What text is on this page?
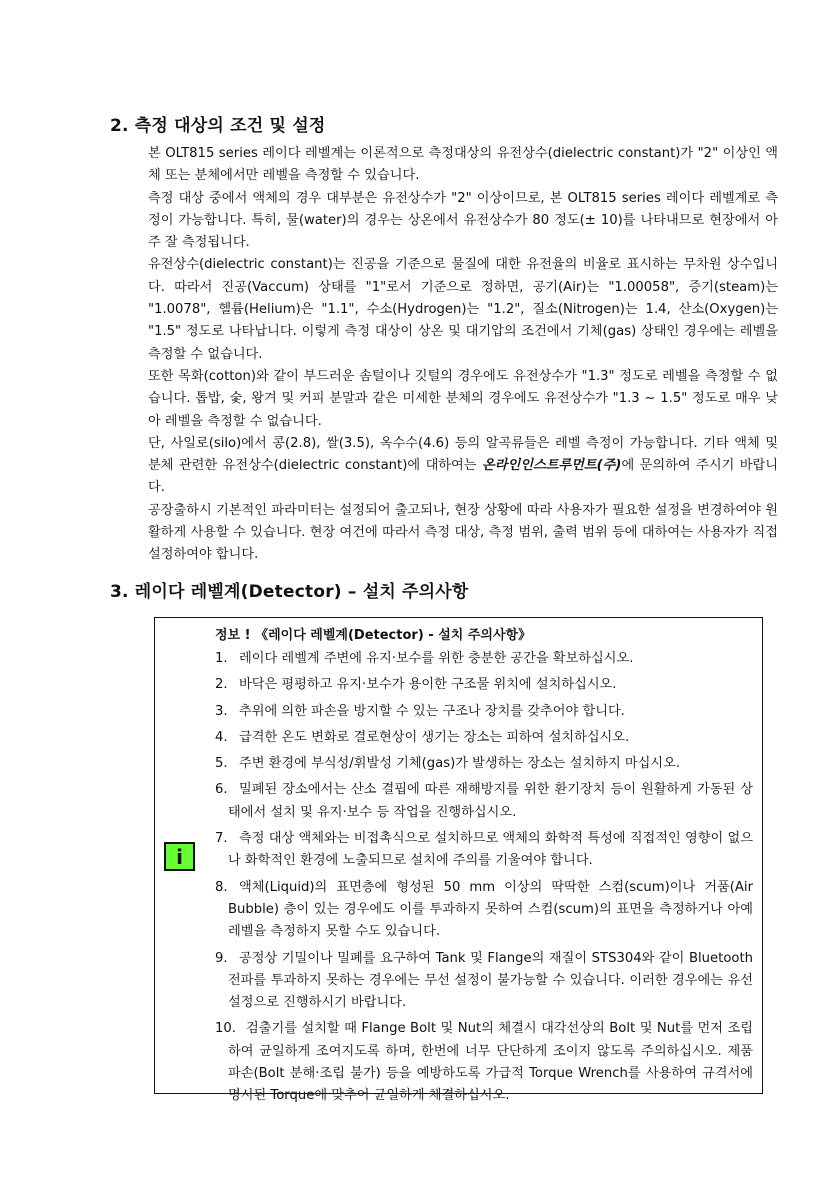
2. 측정 대상의 조건 및 설정

본 OLT815 series 레이다 레벨계는 이론적으로 측정대상의 유전상수(dielectric constant)가 "2" 이상인 액체 또는 분체에서만 레벨을 측정할 수 있습니다.

측정 대상 중에서 액체의 경우 대부분은 유전상수가 "2" 이상이므로, 본 OLT815 series 레이다 레벨계로 측정이 가능합니다. 특히, 물(water)의 경우는 상온에서 유전상수가 80 정도(± 10)를 나타내므로 현장에서 아주 잘 측정됩니다.

유전상수(dielectric constant)는 진공을 기준으로 물질에 대한 유전율의 비율로 표시하는 무차원 상수입니다. 따라서 진공(Vaccum) 상태를 "1"로서 기준으로 정하면, 공기(Air)는 "1.00058", 증기(steam)는 "1.0078", 헬륨(Helium)은 "1.1", 수소(Hydrogen)는 "1.2", 질소(Nitrogen)는 1.4, 산소(Oxygen)는 "1.5" 정도로 나타납니다. 이렇게 측정 대상이 상온 및 대기압의 조건에서 기체(gas) 상태인 경우에는 레벨을 측정할 수 없습니다.

또한 목화(cotton)와 같이 부드러운 솜털이나 깃털의 경우에도 유전상수가 "1.3" 정도로 레벨을 측정할 수 없습니다. 톱밥, 숯, 왕겨 및 커피 분말과 같은 미세한 분체의 경우에도 유전상수가 "1.3 ~ 1.5" 정도로 매우 낮아 레벨을 측정할 수 없습니다.

단, 사일로(silo)에서 콩(2.8), 쌀(3.5), 옥수수(4.6) 등의 알곡류들은 레벨 측정이 가능합니다. 기타 액체 및 분체 관련한 유전상수(dielectric constant)에 대하여는 온라인인스트루먼트(주)에 문의하여 주시기 바랍니다.

공장출하시 기본적인 파라미터는 설정되어 출고되나, 현장 상황에 따라 사용자가 필요한 설정을 변경하여야 원활하게 사용할 수 있습니다. 현장 여건에 따라서 측정 대상, 측정 범위, 출력 범위 등에 대하여는 사용자가 직접 설정하여야 합니다.

3. 레이다 레벨계(Detector) – 설치 주의사항
i
정보 ! 《레이다 레벨계(Detector) - 설치 주의사항》
1. 레이다 레벨계 주변에 유지·보수를 위한 충분한 공간을 확보하십시오.
2. 바닥은 평평하고 유지·보수가 용이한 구조물 위치에 설치하십시오.
3. 추위에 의한 파손을 방지할 수 있는 구조나 장치를 갖추어야 합니다.
4. 급격한 온도 변화로 결로현상이 생기는 장소는 피하여 설치하십시오.
5. 주변 환경에 부식성/휘발성 기체(gas)가 발생하는 장소는 설치하지 마십시오.
6. 밀폐된 장소에서는 산소 결핍에 따른 재해방지를 위한 환기장치 등이 원활하게 가동된 상태에서 설치 및 유지·보수 등 작업을 진행하십시오.
7. 측정 대상 액체와는 비접촉식으로 설치하므로 액체의 화학적 특성에 직접적인 영향이 없으나 화학적인 환경에 노출되므로 설치에 주의를 기울여야 합니다.
8. 액체(Liquid)의 표면층에 형성된 50 mm 이상의 딱딱한 스컴(scum)이나 거품(Air Bubble) 층이 있는 경우에도 이를 투과하지 못하여 스컴(scum)의 표면을 측정하거나 아예 레벨을 측정하지 못할 수도 있습니다.
9. 공정상 기밀이나 밀폐를 요구하여 Tank 및 Flange의 재질이 STS304와 같이 Bluetooth 전파를 투과하지 못하는 경우에는 무선 설정이 불가능할 수 있습니다. 이러한 경우에는 유선 설정으로 진행하시기 바랍니다.
10. 검출기를 설치할 때 Flange Bolt 및 Nut의 체결시 대각선상의 Bolt 및 Nut를 먼저 조립하여 균일하게 조여지도록 하며, 한번에 너무 단단하게 조이지 않도록 주의하십시오. 제품 파손(Bolt 분해·조립 불가) 등을 예방하도록 가급적 Torque Wrench를 사용하여 규격서에 명시된 Torque에 맞추어 균일하게 체결하십시오.
